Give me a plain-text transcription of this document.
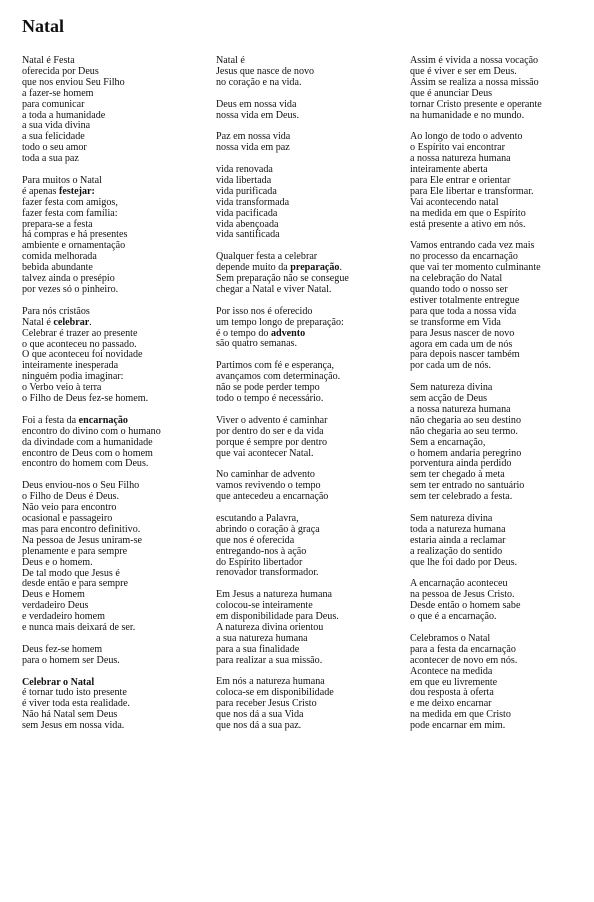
Natal
Natal é Festa
oferecida por Deus
que nos enviou Seu Filho
a fazer-se homem
para comunicar
a toda a humanidade
a sua vida divina
a sua felicidade
todo o seu amor
toda a sua paz
Para muitos o Natal
é apenas festejar:
fazer festa com amigos,
fazer festa com família:
prepara-se a festa
há compras e há presentes
ambiente e ornamentação
comida melhorada
bebida abundante
talvez ainda o presépio
por vezes só o pinheiro.
Para nós cristãos
Natal é celebrar.
Celebrar é trazer ao presente
o que aconteceu no passado.
O que aconteceu foi novidade
inteiramente inesperada
ninguém podia imaginar:
o Verbo veio à terra
o Filho de Deus fez-se homem.
Foi a festa da encarnação
encontro do divino com o humano
da divindade com a humanidade
encontro de Deus com o homem
encontro do homem com Deus.
Deus enviou-nos o Seu Filho
o Filho de Deus é Deus.
Não veio para encontro
ocasional e passageiro
mas para encontro definitivo.
Na pessoa de Jesus uniram-se
plenamente e para sempre
Deus e o homem.
De tal modo que Jesus é
desde então e para sempre
Deus e Homem
verdadeiro Deus
e verdadeiro homem
e nunca mais deixará de ser.
Deus fez-se homem
para o homem ser Deus.
Celebrar o Natal
é tornar tudo isto presente
é viver toda esta realidade.
Não há Natal sem Deus
sem Jesus em nossa vida.
Natal é
Jesus que nasce de novo
no coração e na vida.
Deus em nossa vida
nossa vida em Deus.
Paz em nossa vida
nossa vida em paz
vida renovada
vida libertada
vida purificada
vida transformada
vida pacificada
vida abençoada
vida santificada
Qualquer festa a celebrar
depende muito da preparação.
Sem preparação não se consegue
chegar a Natal e viver Natal.
Por isso nos é oferecido
um tempo longo de preparação:
é o tempo do advento
são quatro semanas.
Partimos com fé e esperança,
avançamos com determinação.
não se pode perder tempo
todo o tempo é necessário.
Viver o advento é caminhar
por dentro do ser e da vida
porque é sempre por dentro
que vai acontecer Natal.
No caminhar de advento
vamos revivendo o tempo
que antecedeu a encarnação
escutando a Palavra,
abrindo o coração à graça
que nos é oferecida
entregando-nos à ação
do Espírito libertador
renovador transformador.
Em Jesus a natureza humana
colocou-se inteiramente
em disponibilidade para Deus.
A natureza divina orientou
a sua natureza humana
para a sua finalidade
para realizar a sua missão.
Em nós a natureza humana
coloca-se em disponibilidade
para receber Jesus Cristo
que nos dá a sua Vida
que nos dá a sua paz.
Assim é vivida a nossa vocação
que é viver e ser em Deus.
Assim se realiza a nossa missão
que é anunciar Deus
tornar Cristo presente e operante
na humanidade e no mundo.
Ao longo de todo o advento
o Espírito vai encontrar
a nossa natureza humana
inteiramente aberta
para Ele entrar e orientar
para Ele libertar e transformar.
Vai acontecendo natal
na medida em que o Espírito
está presente a ativo em nós.
Vamos entrando cada vez mais
no processo da encarnação
que vai ter momento culminante
na celebração do Natal
quando todo o nosso ser
estiver totalmente entregue
para que toda a nossa vida
se transforme em Vida
para Jesus nascer de novo
agora em cada um de nós
para depois nascer também
por cada um de nós.
Sem natureza divina
sem acção de Deus
a nossa natureza humana
não chegaria ao seu destino
não chegaria ao seu termo.
Sem a encarnação,
o homem andaria peregrino
porventura ainda perdido
sem ter chegado à meta
sem ter entrado no santuário
sem ter celebrado a festa.
Sem natureza divina
toda a natureza humana
estaria ainda a reclamar
a realização do sentido
que lhe foi dado por Deus.
A encarnação aconteceu
na pessoa de Jesus Cristo.
Desde então o homem sabe
o que é a encarnação.
Celebramos o Natal
para a festa da encarnação
acontecer de novo em nós.
Acontece na medida
em que eu livremente
dou resposta à oferta
e me deixo encarnar
na medida em que Cristo
pode encarnar em mim.
